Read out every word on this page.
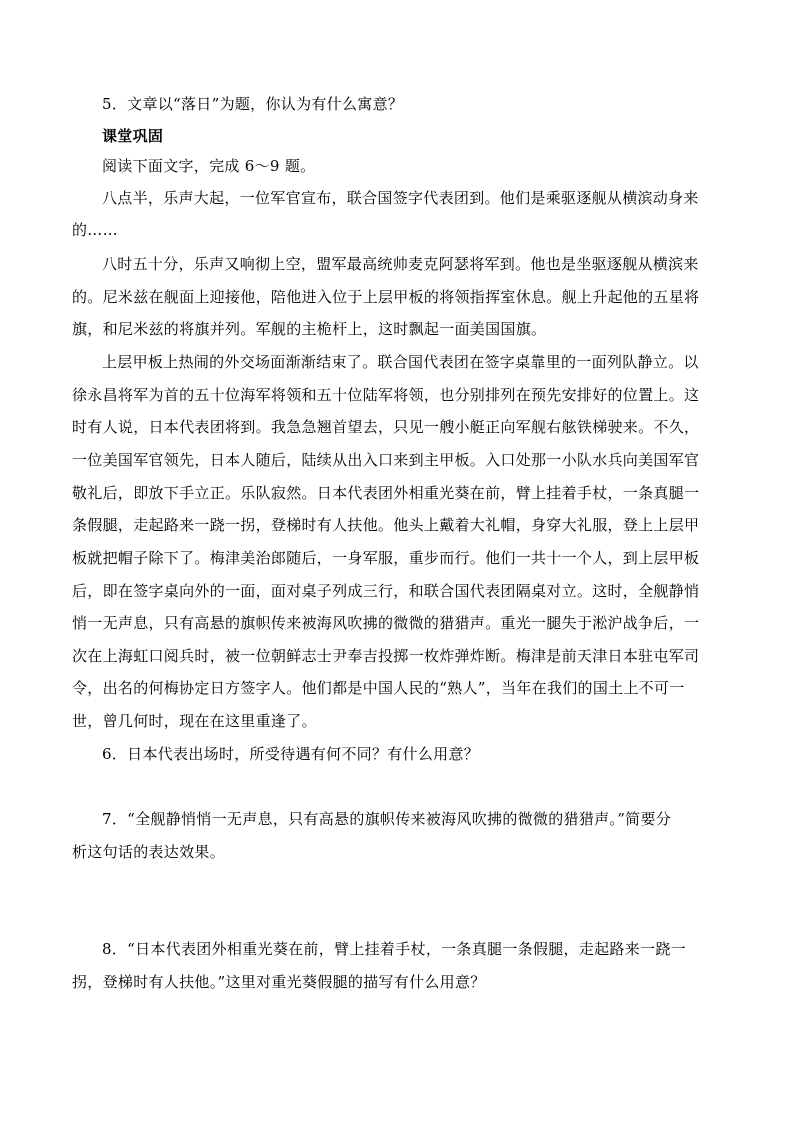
5．文章以“落日”为题，你认为有什么寓意？
课堂巩固
阅读下面文字，完成 6～9 题。
八点半，乐声大起，一位军官宣布，联合国签字代表团到。他们是乘驱逐舰从横滨动身来
的……
八时五十分，乐声又响彻上空，盟军最高统帅麦克阿瑟将军到。他也是坐驱逐舰从横滨来
的。尼米兹在舰面上迎接他，陪他进入位于上层甲板的将领指挥室休息。舰上升起他的五星将
旗，和尼米兹的将旗并列。军舰的主桅杆上，这时飘起一面美国国旗。
上层甲板上热闹的外交场面渐渐结束了。联合国代表团在签字桌靠里的一面列队静立。以
徐永昌将军为首的五十位海军将领和五十位陆军将领，也分别排列在预先安排好的位置上。这
时有人说，日本代表团将到。我急急翘首望去，只见一艘小艇正向军舰右舷铁梯驶来。不久，
一位美国军官领先，日本人随后，陆续从出入口来到主甲板。入口处那一小队水兵向美国军官
敬礼后，即放下手立正。乐队寂然。日本代表团外相重光葵在前，臂上挂着手杖，一条真腿一
条假腿，走起路来一跷一拐，登梯时有人扶他。他头上戴着大礼帽，身穿大礼服，登上上层甲
板就把帽子除下了。梅津美治郎随后，一身军服，重步而行。他们一共十一个人，到上层甲板
后，即在签字桌向外的一面，面对桌子列成三行，和联合国代表团隔桌对立。这时，全舰静悄
悄一无声息，只有高悬的旗帜传来被海风吹拂的微微的猎猎声。重光一腿失于淞沪战争后，一
次在上海虹口阅兵时，被一位朝鲜志士尹奉吉投掷一枚炸弹炸断。梅津是前天津日本驻屯军司
令，出名的何梅协定日方签字人。他们都是中国人民的“熟人”，当年在我们的国土上不可一
世，曾几何时，现在在这里重逢了。
6．日本代表出场时，所受待遇有何不同？有什么用意？
7．“全舰静悄悄一无声息，只有高悬的旗帜传来被海风吹拂的微微的猎猎声。”简要分
析这句话的表达效果。
8．“日本代表团外相重光葵在前，臂上挂着手杖，一条真腿一条假腿，走起路来一跷一
拐，登梯时有人扶他。”这里对重光葵假腿的描写有什么用意？
